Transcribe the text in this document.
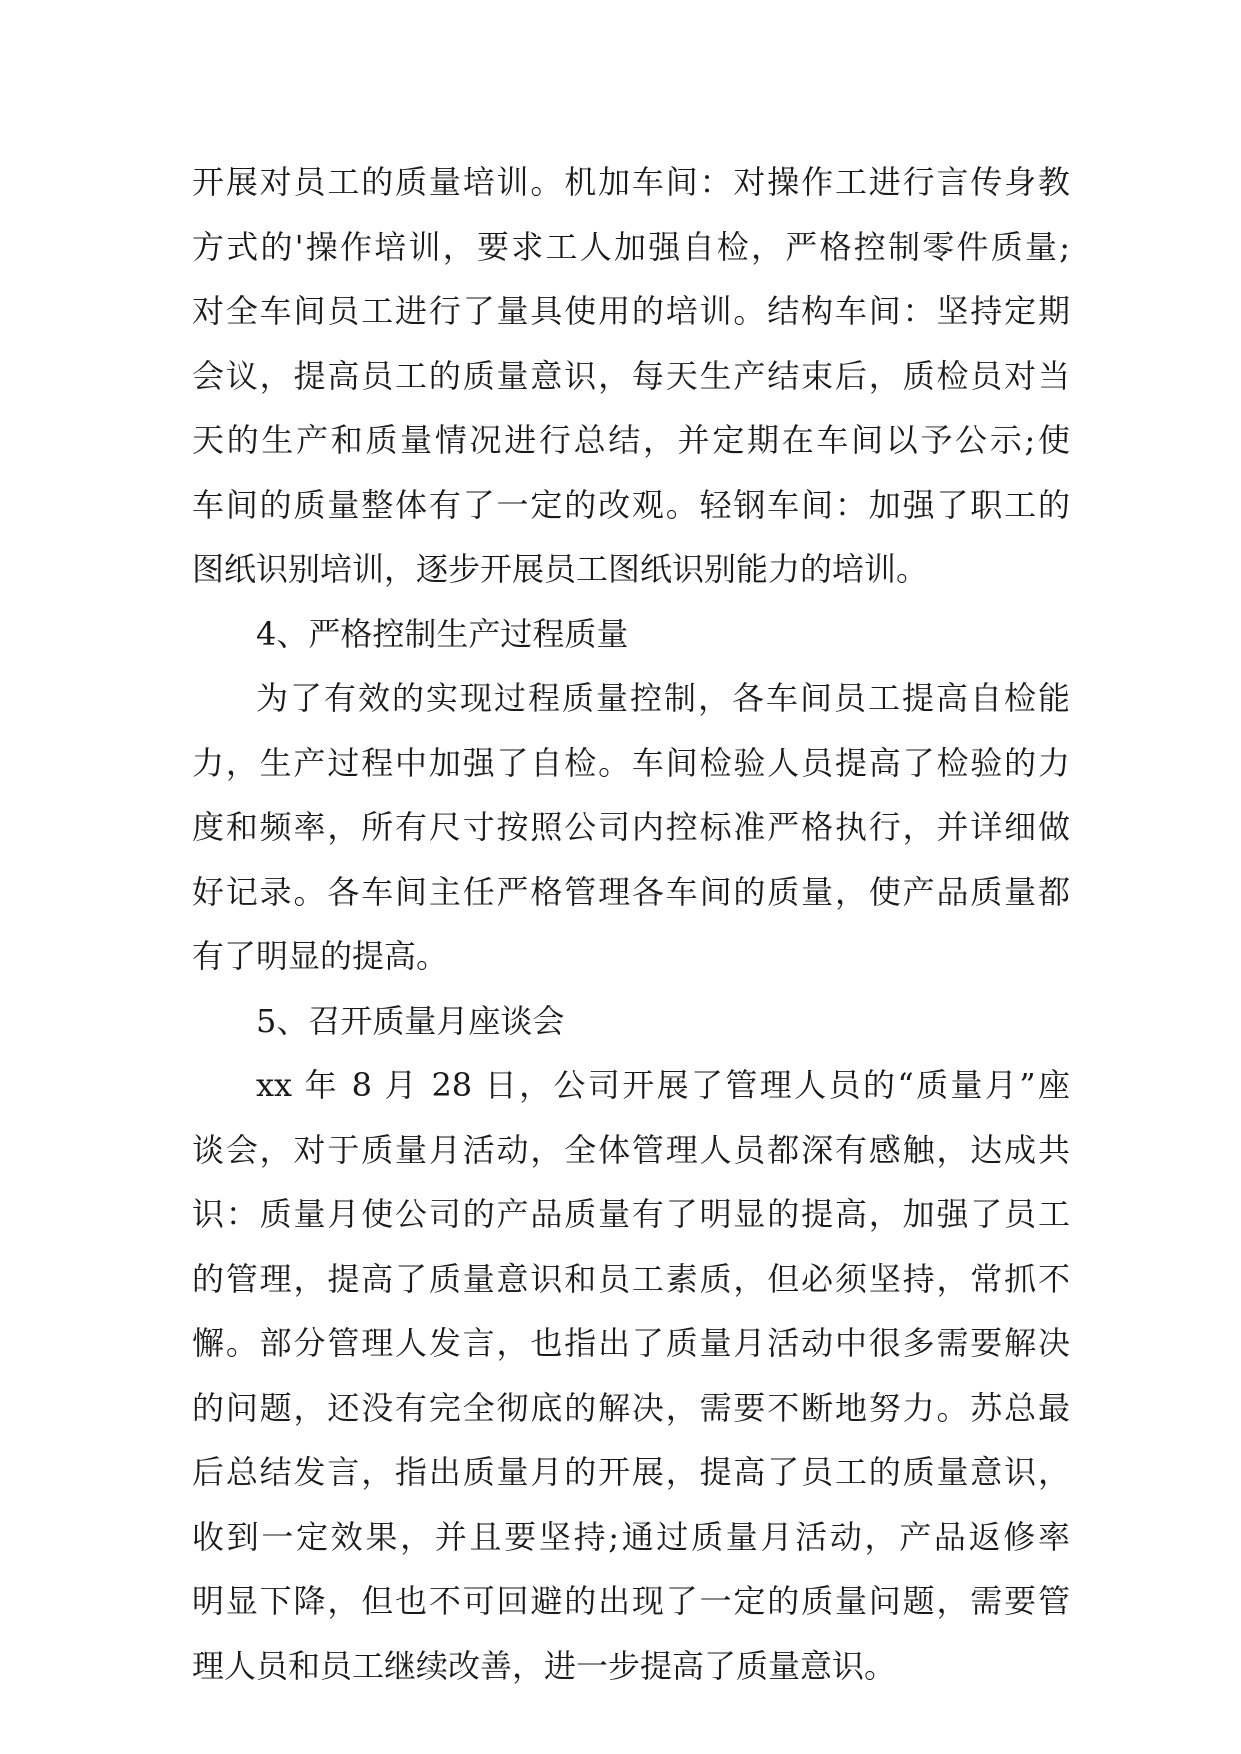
开展对员工的质量培训。机加车间：对操作工进行言传身教
方式的'操作培训，要求工人加强自检，严格控制零件质量;
对全车间员工进行了量具使用的培训。结构车间：坚持定期
会议，提高员工的质量意识，每天生产结束后，质检员对当
天的生产和质量情况进行总结，并定期在车间以予公示;使
车间的质量整体有了一定的改观。轻钢车间：加强了职工的
图纸识别培训，逐步开展员工图纸识别能力的培训。
4、严格控制生产过程质量
为了有效的实现过程质量控制，各车间员工提高自检能
力，生产过程中加强了自检。车间检验人员提高了检验的力
度和频率，所有尺寸按照公司内控标准严格执行，并详细做
好记录。各车间主任严格管理各车间的质量，使产品质量都
有了明显的提高。
5、召开质量月座谈会
xx 年 8 月 28 日，公司开展了管理人员的“质量月”座
谈会，对于质量月活动，全体管理人员都深有感触，达成共
识：质量月使公司的产品质量有了明显的提高，加强了员工
的管理，提高了质量意识和员工素质，但必须坚持，常抓不
懈。部分管理人发言，也指出了质量月活动中很多需要解决
的问题，还没有完全彻底的解决，需要不断地努力。苏总最
后总结发言，指出质量月的开展，提高了员工的质量意识，
收到一定效果，并且要坚持;通过质量月活动，产品返修率
明显下降，但也不可回避的出现了一定的质量问题，需要管
理人员和员工继续改善，进一步提高了质量意识。
